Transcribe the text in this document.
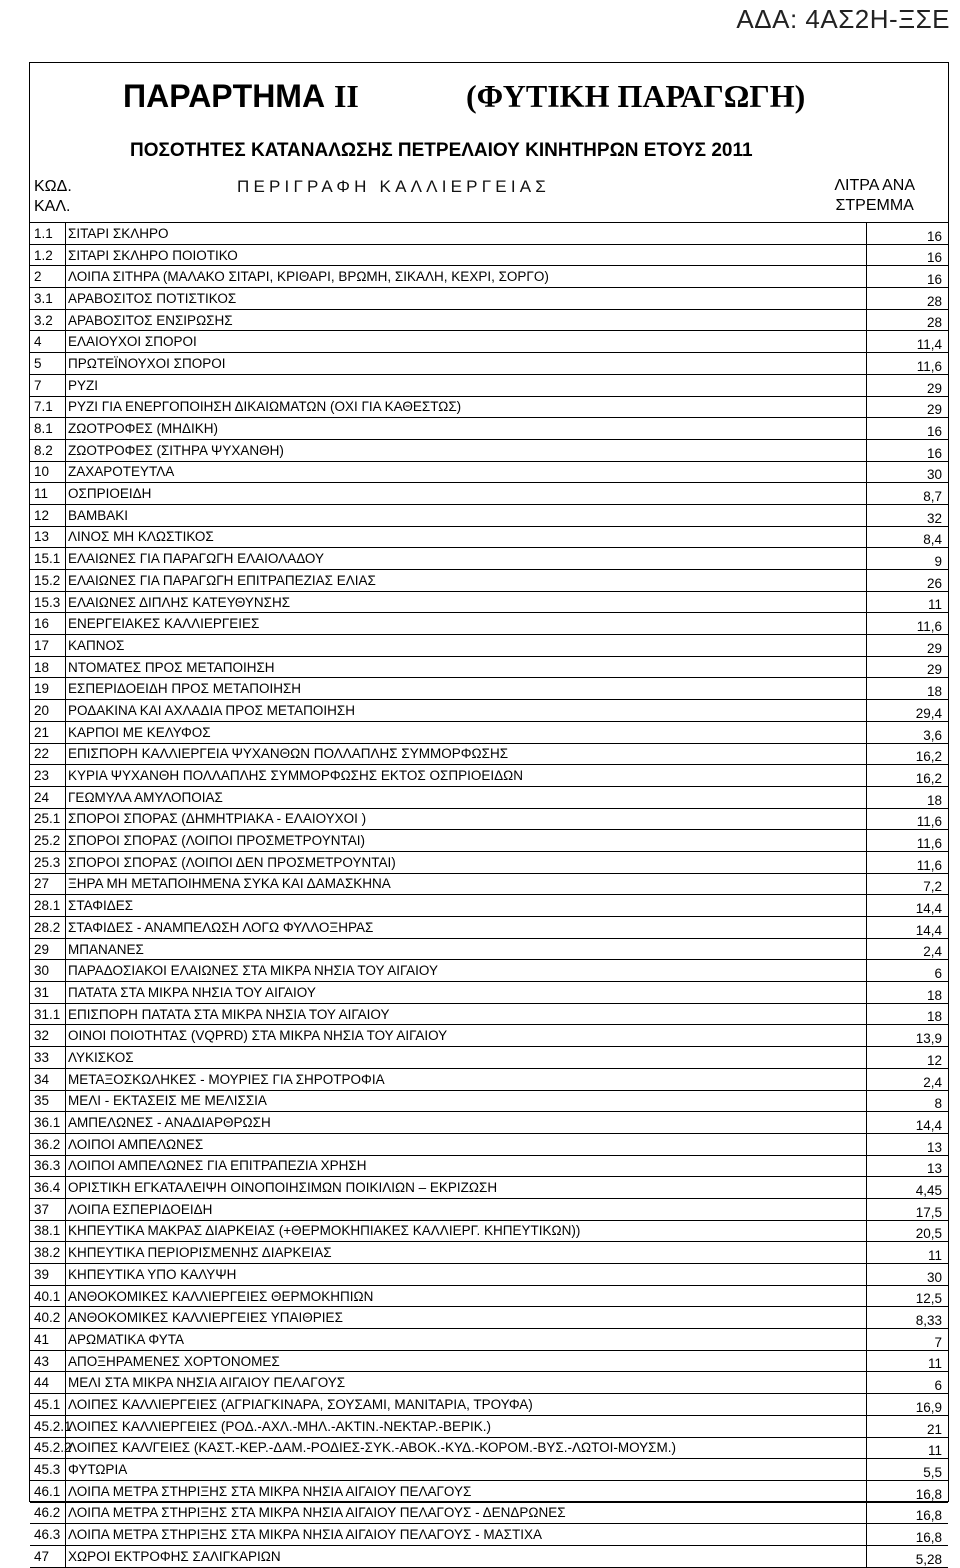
ΑΔΑ: 4ΑΣ2Η-ΞΣΕ
ΠΑΡΑΡΤΗΜΑ II	(ΦΥΤΙΚΗ ΠΑΡΑΓΩΓΗ)
ΠΟΣΟΤΗΤΕΣ ΚΑΤΑΝΑΛΩΣΗΣ ΠΕΤΡΕΛΑΙΟΥ ΚΙΝΗΤΗΡΩΝ ΕΤΟΥΣ 2011
ΚΩΔ.
ΚΑΛ.
ΠΕΡΙΓΡΑΦΗ ΚΑΛΛΙΕΡΓΕΙΑΣ	ΛΙΤΡΑ ΑΝΑ
ΣΤΡΕΜΜΑ
1.1	ΣΙΤΑΡΙ ΣΚΛΗΡΟ	16
1.2	ΣΙΤΑΡΙ ΣΚΛΗΡΟ ΠΟΙΟΤΙΚΟ	16
2	ΛΟΙΠΑ ΣΙΤΗΡΑ (ΜΑΛΑΚΟ ΣΙΤΑΡΙ, ΚΡΙΘΑΡΙ, ΒΡΩΜΗ, ΣΙΚΑΛΗ, ΚΕΧΡΙ, ΣΟΡΓΟ)	16
3.1	ΑΡΑΒΟΣΙΤΟΣ ΠΟΤΙΣΤΙΚΟΣ	28
3.2	ΑΡΑΒΟΣΙΤΟΣ ΕΝΣΙΡΩΣΗΣ	28
4	ΕΛΑΙΟΥΧΟΙ ΣΠΟΡΟΙ	11,4
5	ΠΡΩΤΕΪΝΟΥΧΟΙ ΣΠΟΡΟΙ	11,6
7	ΡΥΖΙ	29
7.1	ΡΥΖΙ ΓΙΑ ΕΝΕΡΓΟΠΟΙΗΣΗ ΔΙΚΑΙΩΜΑΤΩΝ (ΟΧΙ ΓΙΑ ΚΑΘΕΣΤΩΣ)	29
8.1	ΖΩΟΤΡΟΦΕΣ (ΜΗΔΙΚΗ)	16
8.2	ΖΩΟΤΡΟΦΕΣ (ΣΙΤΗΡΑ ΨΥΧΑΝΘΗ)	16
10	ΖΑΧΑΡΟΤΕΥΤΛΑ	30
11	ΟΣΠΡΙΟΕΙΔΗ	8,7
12	ΒΑΜΒΑΚΙ	32
13	ΛΙΝΟΣ ΜΗ ΚΛΩΣΤΙΚΟΣ	8,4
15.1	ΕΛΑΙΩΝΕΣ ΓΙΑ ΠΑΡΑΓΩΓΗ ΕΛΑΙΟΛΑΔΟΥ	9
15.2	ΕΛΑΙΩΝΕΣ ΓΙΑ ΠΑΡΑΓΩΓΗ ΕΠΙΤΡΑΠΕΖΙΑΣ ΕΛΙΑΣ	26
15.3	ΕΛΑΙΩΝΕΣ ΔΙΠΛΗΣ ΚΑΤΕΥΘΥΝΣΗΣ	11
16	ΕΝΕΡΓΕΙΑΚΕΣ ΚΑΛΛΙΕΡΓΕΙΕΣ	11,6
17	ΚΑΠΝΟΣ	29
18	ΝΤΟΜΑΤΕΣ ΠΡΟΣ ΜΕΤΑΠΟΙΗΣΗ	29
19	ΕΣΠΕΡΙΔΟΕΙΔΗ ΠΡΟΣ ΜΕΤΑΠΟΙΗΣΗ	18
20	ΡΟΔΑΚΙΝΑ ΚΑΙ ΑΧΛΑΔΙΑ ΠΡΟΣ ΜΕΤΑΠΟΙΗΣΗ	29,4
21	ΚΑΡΠΟΙ ΜΕ ΚΕΛΥΦΟΣ	3,6
22	ΕΠΙΣΠΟΡΗ ΚΑΛΛΙΕΡΓΕΙΑ ΨΥΧΑΝΘΩΝ ΠΟΛΛΑΠΛΗΣ ΣΥΜΜΟΡΦΩΣΗΣ	16,2
23	ΚΥΡΙΑ ΨΥΧΑΝΘΗ ΠΟΛΛΑΠΛΗΣ ΣΥΜΜΟΡΦΩΣΗΣ ΕΚΤΟΣ ΟΣΠΡΙΟΕΙΔΩΝ	16,2
24	ΓΕΩΜΥΛΑ ΑΜΥΛΟΠΟΙΑΣ	18
25.1	ΣΠΟΡΟΙ ΣΠΟΡΑΣ (ΔΗΜΗΤΡΙΑΚΑ - ΕΛΑΙΟΥΧΟΙ )	11,6
25.2	ΣΠΟΡΟΙ ΣΠΟΡΑΣ (ΛΟΙΠΟΙ ΠΡΟΣΜΕΤΡΟΥΝΤΑΙ)	11,6
25.3	ΣΠΟΡΟΙ ΣΠΟΡΑΣ (ΛΟΙΠΟΙ ΔΕΝ ΠΡΟΣΜΕΤΡΟΥΝΤΑΙ)	11,6
27	ΞΗΡΑ ΜΗ ΜΕΤΑΠΟΙΗΜΕΝΑ ΣΥΚΑ ΚΑΙ ΔΑΜΑΣΚΗΝΑ	7,2
28.1	ΣΤΑΦΙΔΕΣ	14,4
28.2	ΣΤΑΦΙΔΕΣ - ΑΝΑΜΠΕΛΩΣΗ ΛΟΓΩ ΦΥΛΛΟΞΗΡΑΣ	14,4
29	ΜΠΑΝΑΝΕΣ	2,4
30	ΠΑΡΑΔΟΣΙΑΚΟΙ ΕΛΑΙΩΝΕΣ ΣΤΑ ΜΙΚΡΑ ΝΗΣΙΑ ΤΟΥ ΑΙΓΑΙΟΥ	6
31	ΠΑΤΑΤΑ ΣΤΑ ΜΙΚΡΑ ΝΗΣΙΑ ΤΟΥ ΑΙΓΑΙΟΥ	18
31.1	ΕΠΙΣΠΟΡΗ ΠΑΤΑΤΑ ΣΤΑ ΜΙΚΡΑ ΝΗΣΙΑ ΤΟΥ ΑΙΓΑΙΟΥ	18
32	ΟΙΝΟΙ ΠΟΙΟΤΗΤΑΣ (VQPRD) ΣΤΑ ΜΙΚΡΑ ΝΗΣΙΑ ΤΟΥ ΑΙΓΑΙΟΥ	13,9
33	ΛΥΚΙΣΚΟΣ	12
34	ΜΕΤΑΞΟΣΚΩΛΗΚΕΣ - ΜΟΥΡΙΕΣ ΓΙΑ ΣΗΡΟΤΡΟΦΙΑ	2,4
35	ΜΕΛΙ - ΕΚΤΑΣΕΙΣ ΜΕ ΜΕΛΙΣΣΙΑ	8
36.1	ΑΜΠΕΛΩΝΕΣ - ΑΝΑΔΙΑΡΘΡΩΣΗ	14,4
36.2	ΛΟΙΠΟΙ ΑΜΠΕΛΩΝΕΣ	13
36.3	ΛΟΙΠΟΙ ΑΜΠΕΛΩΝΕΣ ΓΙΑ ΕΠΙΤΡΑΠΕΖΙΑ ΧΡΗΣΗ	13
36.4	ΟΡΙΣΤΙΚΗ ΕΓΚΑΤΑΛΕΙΨΗ ΟΙΝΟΠΟΙΗΣΙΜΩΝ ΠΟΙΚΙΛΙΩΝ – ΕΚΡΙΖΩΣΗ	4,45
37	ΛΟΙΠΑ ΕΣΠΕΡΙΔΟΕΙΔΗ	17,5
38.1	ΚΗΠΕΥΤΙΚΑ ΜΑΚΡΑΣ ΔΙΑΡΚΕΙΑΣ (+ΘΕΡΜΟΚΗΠΙΑΚΕΣ ΚΑΛΛΙΕΡΓ. ΚΗΠΕΥΤΙΚΩΝ))	20,5
38.2	ΚΗΠΕΥΤΙΚΑ ΠΕΡΙΟΡΙΣΜΕΝΗΣ ΔΙΑΡΚΕΙΑΣ	11
39	ΚΗΠΕΥΤΙΚΑ ΥΠΟ ΚΑΛΥΨΗ	30
40.1	ΑΝΘΟΚΟΜΙΚΕΣ ΚΑΛΛΙΕΡΓΕΙΕΣ ΘΕΡΜΟΚΗΠΙΩΝ	12,5
40.2	ΑΝΘΟΚΟΜΙΚΕΣ ΚΑΛΛΙΕΡΓΕΙΕΣ ΥΠΑΙΘΡΙΕΣ	8,33
41	ΑΡΩΜΑΤΙΚΑ ΦΥΤΑ	7
43	ΑΠΟΞΗΡΑΜΕΝΕΣ ΧΟΡΤΟΝΟΜΕΣ	11
44	ΜΕΛΙ ΣΤΑ ΜΙΚΡΑ ΝΗΣΙΑ ΑΙΓΑΙΟΥ ΠΕΛΑΓΟΥΣ	6
45.1	ΛΟΙΠΕΣ ΚΑΛΛΙΕΡΓΕΙΕΣ (ΑΓΡΙΑΓΚΙΝΑΡΑ, ΣΟΥΣΑΜΙ, ΜΑΝΙΤΑΡΙΑ, ΤΡΟΥΦΑ)	16,9
45.2.1	ΛΟΙΠΕΣ ΚΑΛΛΙΕΡΓΕΙΕΣ (ΡΟΔ.-ΑΧΛ.-ΜΗΛ.-ΑΚΤΙΝ.-ΝΕΚΤΑΡ.-ΒΕΡΙΚ.)	21
45.2.2	ΛΟΙΠΕΣ ΚΑΛ/ΓΕΙΕΣ (ΚΑΣΤ.-ΚΕΡ.-ΔΑΜ.-ΡΟΔΙΕΣ-ΣΥΚ.-ΑΒΟΚ.-ΚΥΔ.-ΚΟΡΟΜ.-ΒΥΣ.-ΛΩΤΟΙ-ΜΟΥΣΜ.)	11
45.3	ΦΥΤΩΡΙΑ	5,5
46.1	ΛΟΙΠΑ ΜΕΤΡΑ ΣΤΗΡΙΞΗΣ ΣΤΑ ΜΙΚΡΑ ΝΗΣΙΑ ΑΙΓΑΙΟΥ ΠΕΛΑΓΟΥΣ	16,8
46.2	ΛΟΙΠΑ ΜΕΤΡΑ ΣΤΗΡΙΞΗΣ ΣΤΑ ΜΙΚΡΑ ΝΗΣΙΑ ΑΙΓΑΙΟΥ ΠΕΛΑΓΟΥΣ - ΔΕΝΔΡΩΝΕΣ	16,8
46.3	ΛΟΙΠΑ ΜΕΤΡΑ ΣΤΗΡΙΞΗΣ ΣΤΑ ΜΙΚΡΑ ΝΗΣΙΑ ΑΙΓΑΙΟΥ ΠΕΛΑΓΟΥΣ - ΜΑΣΤΙΧΑ	16,8
47	ΧΩΡΟΙ ΕΚΤΡΟΦΗΣ ΣΑΛΙΓΚΑΡΙΩΝ	5,28
